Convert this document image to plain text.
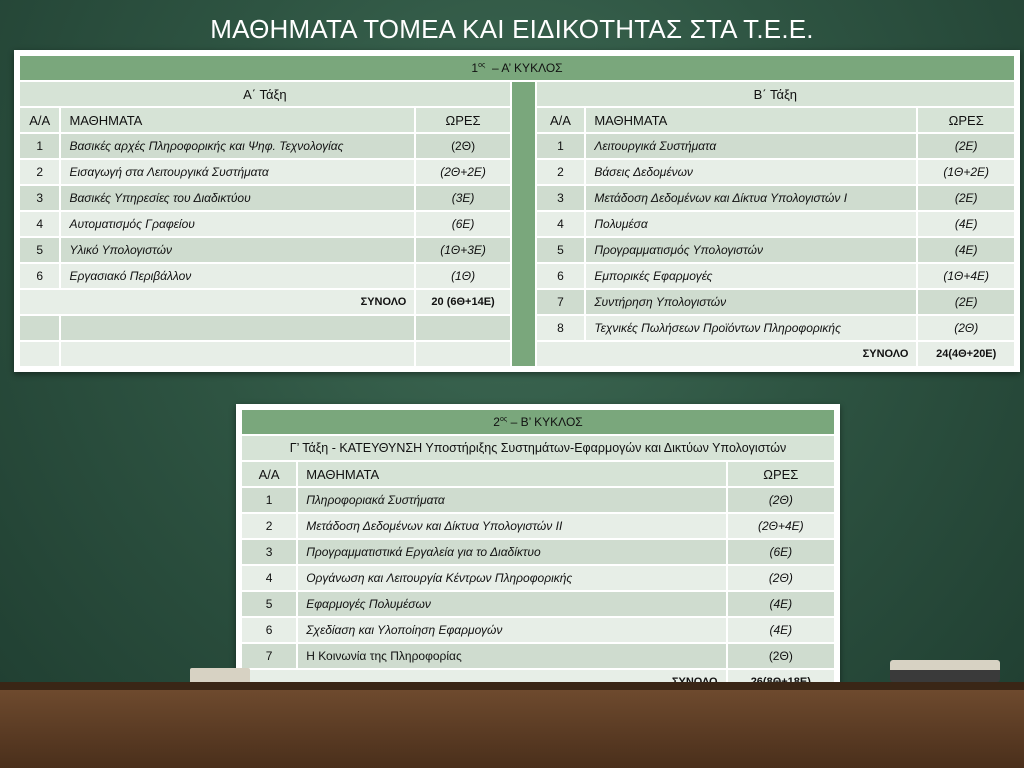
ΜΑΘΗΜΑΤΑ ΤΟΜΕΑ ΚΑΙ ΕΙΔΙΚΟΤΗΤΑΣ ΣΤΑ Τ.Ε.Ε.
$1^{o\varsigma}$  – Α’ ΚΥΚΛΟΣ						
Α΄ Τάξη				Β΄ Τάξη		
Α/Α	ΜΑΘΗΜΑΤΑ	ΩΡΕΣ		Α/Α	ΜΑΘΗΜΑΤΑ	ΩΡΕΣ
1	Βασικές αρχές Πληροφορικής και Ψηφ. Τεχνολογίας	(2Θ)		1	Λειτουργικά Συστήματα	(2Ε)
2	Εισαγωγή στα Λειτουργικά Συστήματα	(2Θ+2Ε)		2	Βάσεις Δεδομένων	(1Θ+2Ε)
3	Βασικές Υπηρεσίες του Διαδικτύου	(3Ε)		3	Μετάδοση Δεδομένων και Δίκτυα Υπολογιστών Ι	(2Ε)
4	Αυτοματισμός Γραφείου	(6Ε)		4	Πολυμέσα	(4Ε)
5	Υλικό Υπολογιστών	(1Θ+3Ε)		5	Προγραμματισμός Υπολογιστών	(4Ε)
6	Εργασιακό Περιβάλλον	(1Θ)		6	Εμπορικές Εφαρμογές	(1Θ+4Ε)
ΣΥΝΟΛΟ		20 (6Θ+14Ε)		7	Συντήρηση Υπολογιστών	(2Ε)
				8	Τεχνικές Πωλήσεων Προϊόντων Πληροφορικής	(2Θ)
				ΣΥΝΟΛΟ		24(4Θ+20Ε)
$2^{o\varsigma}$ – Β’ ΚΥΚΛΟΣ		
Γ’ Τάξη - ΚΑΤΕΥΘΥΝΣΗ Υποστήριξης Συστημάτων-Εφαρμογών και Δικτύων Υπολογιστών		
Α/Α	ΜΑΘΗΜΑΤΑ	ΩΡΕΣ
1	Πληροφοριακά Συστήματα	(2Θ)
2	Μετάδοση Δεδομένων και Δίκτυα Υπολογιστών ΙΙ	(2Θ+4Ε)
3	Προγραμματιστικά Εργαλεία για το Διαδίκτυο	(6Ε)
4	Οργάνωση και Λειτουργία Κέντρων Πληροφορικής	(2Θ)
5	Εφαρμογές Πολυμέσων	(4Ε)
6	Σχεδίαση και Υλοποίηση Εφαρμογών	(4Ε)
7	Η Κοινωνία της Πληροφορίας	(2Θ)
